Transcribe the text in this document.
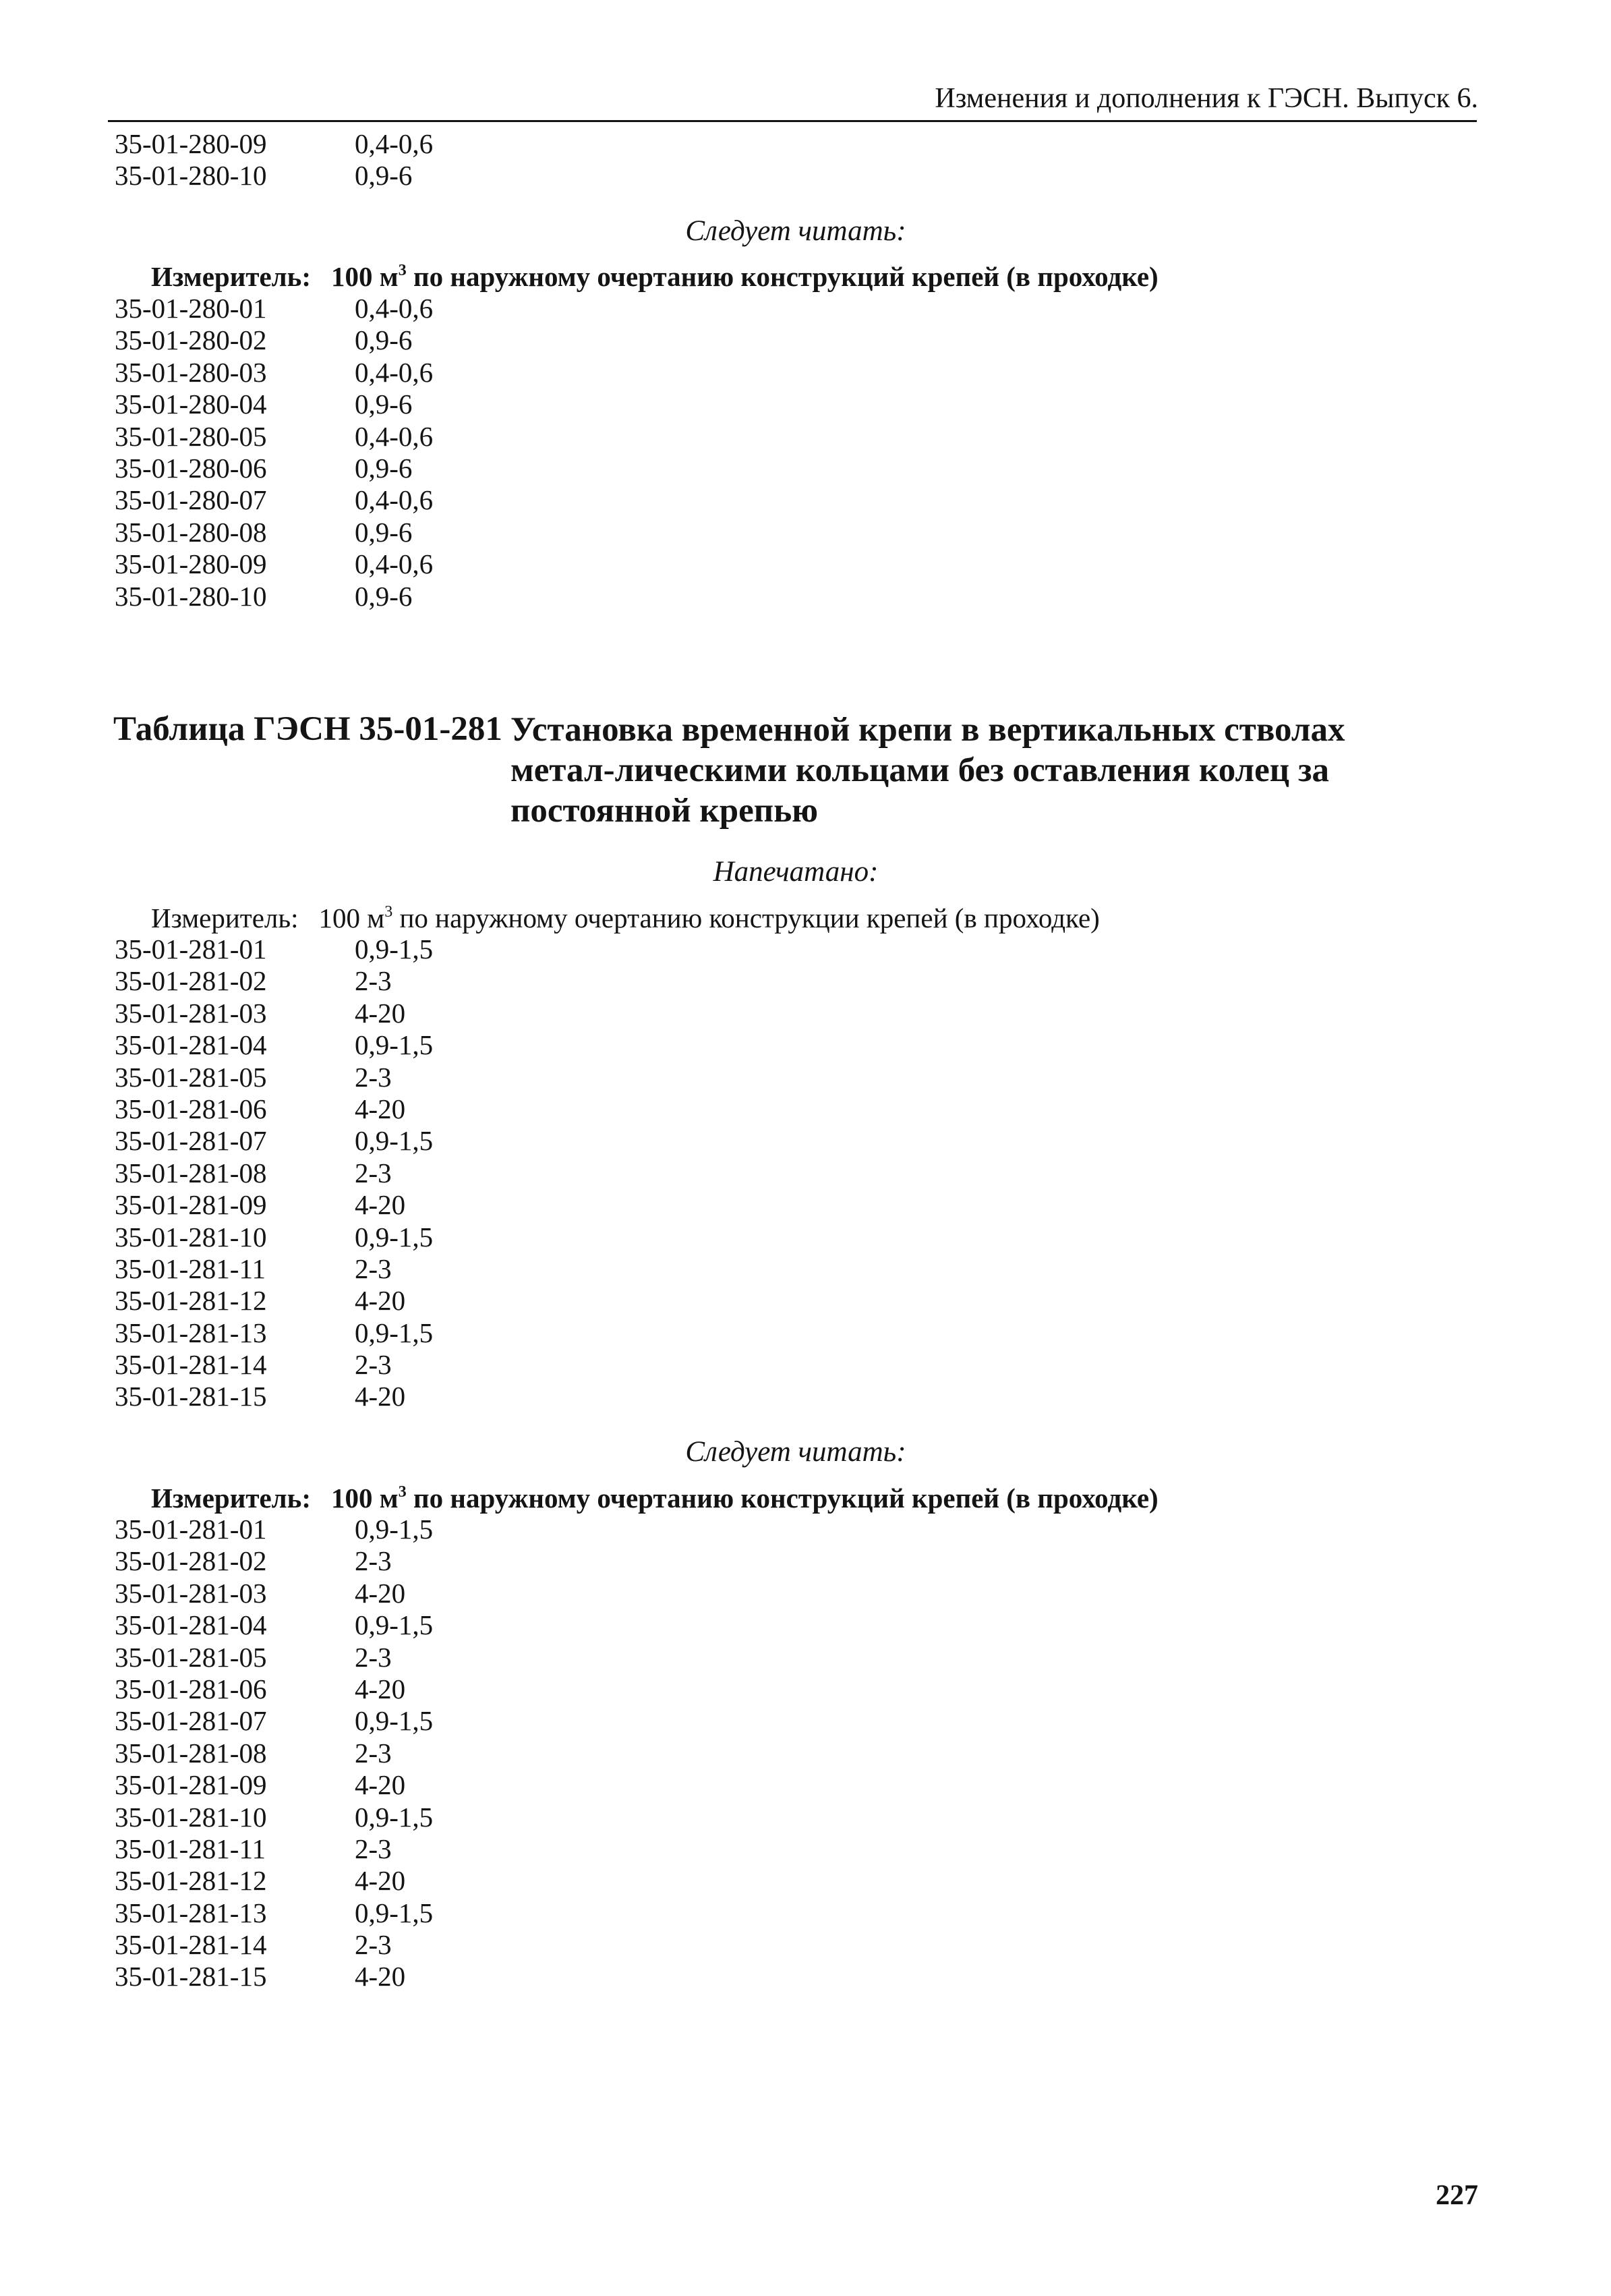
Изменения и дополнения к ГЭСН. Выпуск 6.
35-01-280-09	0,4-0,6
35-01-280-10	0,9-6
Следует читать:
Измеритель: 100 $м^3$ по наружному очертанию конструкций крепей (в проходке)
35-01-280-01	0,4-0,6
35-01-280-02	0,9-6
35-01-280-03	0,4-0,6
35-01-280-04	0,9-6
35-01-280-05	0,4-0,6
35-01-280-06	0,9-6
35-01-280-07	0,4-0,6
35-01-280-08	0,9-6
35-01-280-09	0,4-0,6
35-01-280-10	0,9-6
Таблица ГЭСН 35-01-281 Установка временной крепи в вертикальных стволах метал-лическими кольцами без оставления колец за постоянной крепью
Напечатано:
Измеритель: 100 $м^3$ по наружному очертанию конструкции крепей (в проходке)
35-01-281-01	0,9-1,5
35-01-281-02	2-3
35-01-281-03	4-20
35-01-281-04	0,9-1,5
35-01-281-05	2-3
35-01-281-06	4-20
35-01-281-07	0,9-1,5
35-01-281-08	2-3
35-01-281-09	4-20
35-01-281-10	0,9-1,5
35-01-281-11	2-3
35-01-281-12	4-20
35-01-281-13	0,9-1,5
35-01-281-14	2-3
35-01-281-15	4-20
Следует читать:
Измеритель: 100 $м^3$ по наружному очертанию конструкций крепей (в проходке)
35-01-281-01	0,9-1,5
35-01-281-02	2-3
35-01-281-03	4-20
35-01-281-04	0,9-1,5
35-01-281-05	2-3
35-01-281-06	4-20
35-01-281-07	0,9-1,5
35-01-281-08	2-3
35-01-281-09	4-20
35-01-281-10	0,9-1,5
35-01-281-11	2-3
35-01-281-12	4-20
35-01-281-13	0,9-1,5
35-01-281-14	2-3
35-01-281-15	4-20
227
